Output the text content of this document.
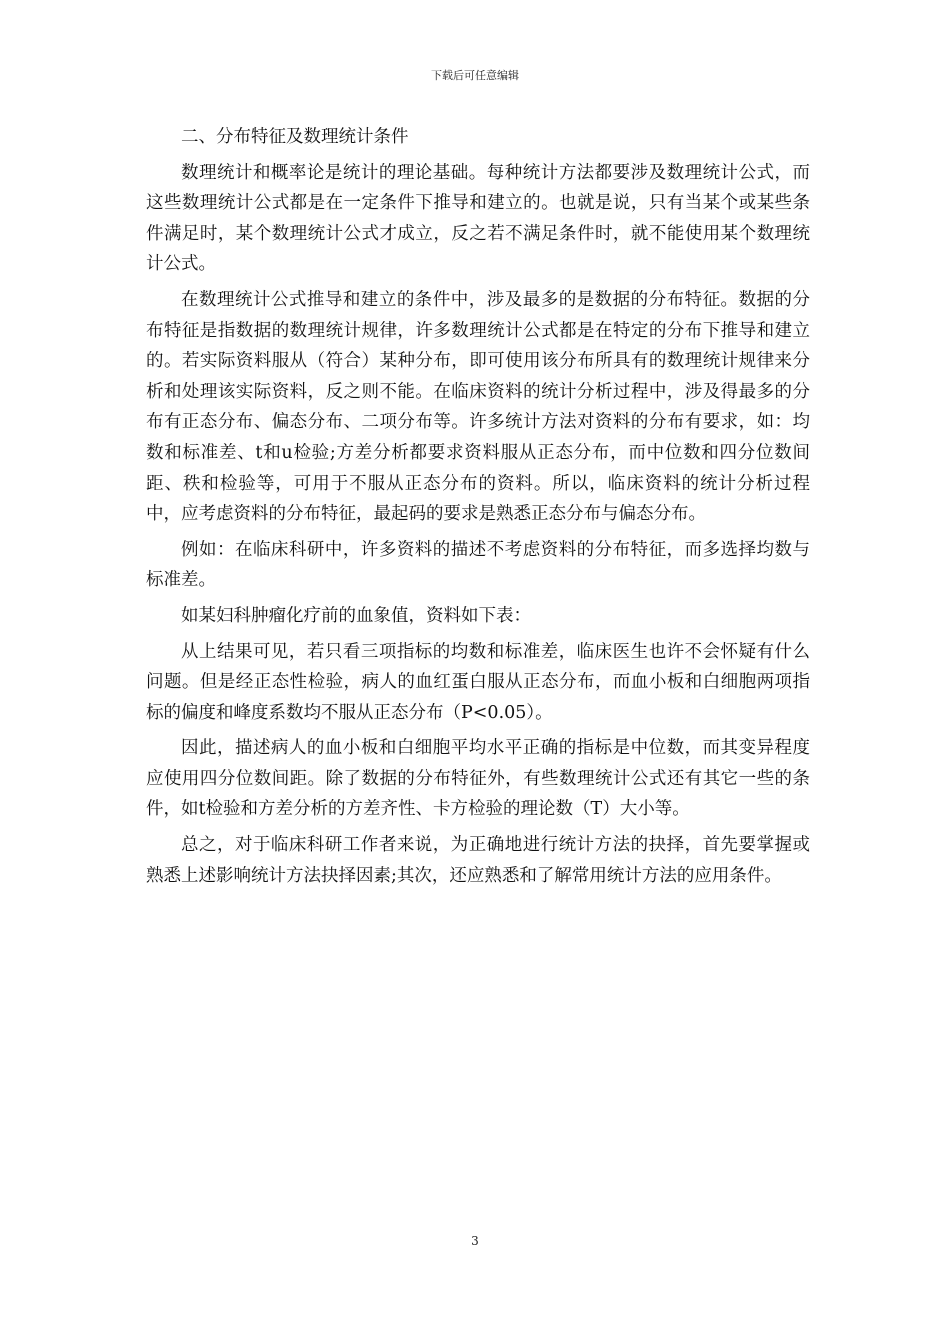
下载后可任意编辑

二、分布特征及数理统计条件

数理统计和概率论是统计的理论基础。每种统计方法都要涉及数理统计公式，而这些数理统计公式都是在一定条件下推导和建立的。也就是说，只有当某个或某些条件满足时，某个数理统计公式才成立，反之若不满足条件时，就不能使用某个数理统计公式。

在数理统计公式推导和建立的条件中，涉及最多的是数据的分布特征。数据的分布特征是指数据的数理统计规律，许多数理统计公式都是在特定的分布下推导和建立的。若实际资料服从（符合）某种分布，即可使用该分布所具有的数理统计规律来分析和处理该实际资料，反之则不能。在临床资料的统计分析过程中，涉及得最多的分布有正态分布、偏态分布、二项分布等。许多统计方法对资料的分布有要求，如：均数和标准差、t和u检验;方差分析都要求资料服从正态分布，而中位数和四分位数间距、秩和检验等，可用于不服从正态分布的资料。所以，临床资料的统计分析过程中，应考虑资料的分布特征，最起码的要求是熟悉正态分布与偏态分布。

例如：在临床科研中，许多资料的描述不考虑资料的分布特征，而多选择均数与标准差。

如某妇科肿瘤化疗前的血象值，资料如下表：

从上结果可见，若只看三项指标的均数和标准差，临床医生也许不会怀疑有什么问题。但是经正态性检验，病人的血红蛋白服从正态分布，而血小板和白细胞两项指标的偏度和峰度系数均不服从正态分布（P<0.05）。

因此，描述病人的血小板和白细胞平均水平正确的指标是中位数，而其变异程度应使用四分位数间距。除了数据的分布特征外，有些数理统计公式还有其它一些的条件，如t检验和方差分析的方差齐性、卡方检验的理论数（T）大小等。

总之，对于临床科研工作者来说，为正确地进行统计方法的抉择，首先要掌握或熟悉上述影响统计方法抉择因素;其次，还应熟悉和了解常用统计方法的应用条件。

3
